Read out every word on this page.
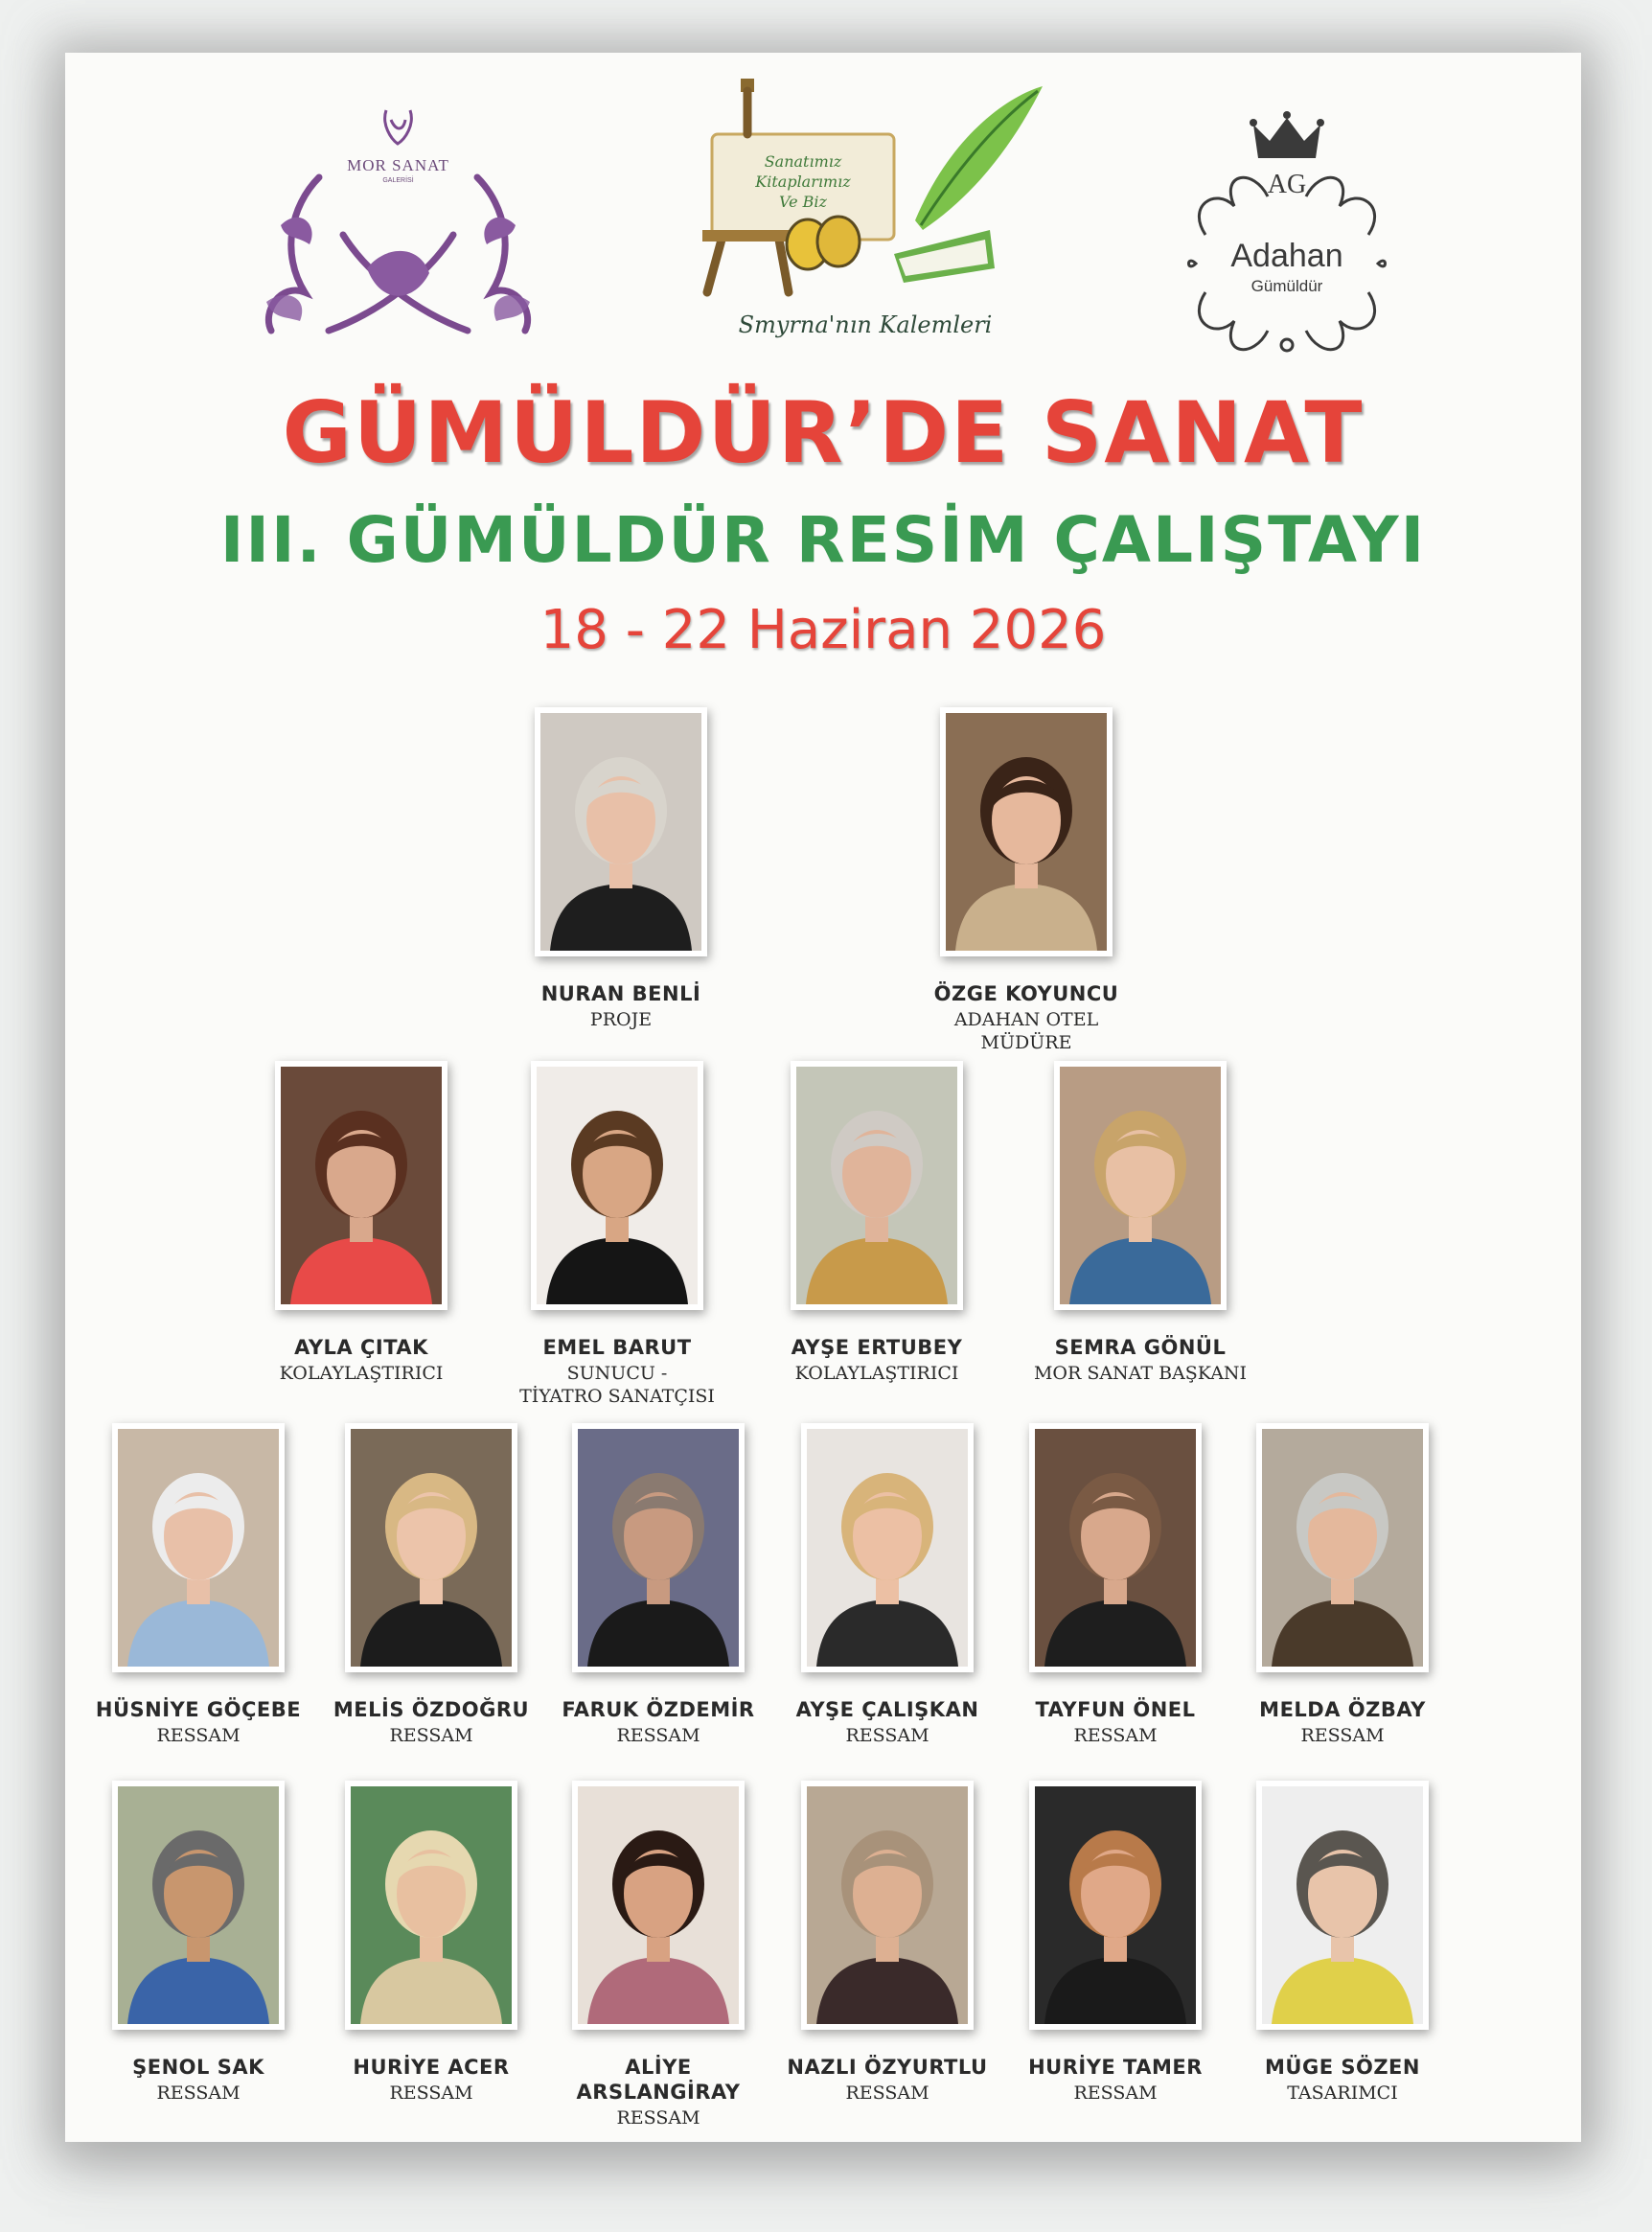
MOR SANAT
GALERİSİ
Sanatımız
Kitaplarımız
Ve Biz
Smyrna'nın Kalemleri
AG
Adahan
Gümüldür
GÜMÜLDÜR’DE SANAT
III. GÜMÜLDÜR RESİM ÇALIŞTAYI
18 - 22 Haziran 2026
NURAN BENLİ
PROJE
ÖZGE KOYUNCU
ADAHAN OTEL MÜDÜRE
AYLA ÇITAK
KOLAYLAŞTIRICI
EMEL BARUT
SUNUCU -
TİYATRO SANATÇISI
AYŞE ERTUBEY
KOLAYLAŞTIRICI
SEMRA GÖNÜL
MOR SANAT BAŞKANI
HÜSNİYE GÖÇEBE
RESSAM
MELİS ÖZDOĞRU
RESSAM
FARUK ÖZDEMİR
RESSAM
AYŞE ÇALIŞKAN
RESSAM
TAYFUN ÖNEL
RESSAM
MELDA ÖZBAY
RESSAM
ŞENOL SAK
RESSAM
HURİYE ACER
RESSAM
ALİYE
ARSLANGİRAY
RESSAM
NAZLI ÖZYURTLU
RESSAM
HURİYE TAMER
RESSAM
MÜGE SÖZEN
TASARIMCI
